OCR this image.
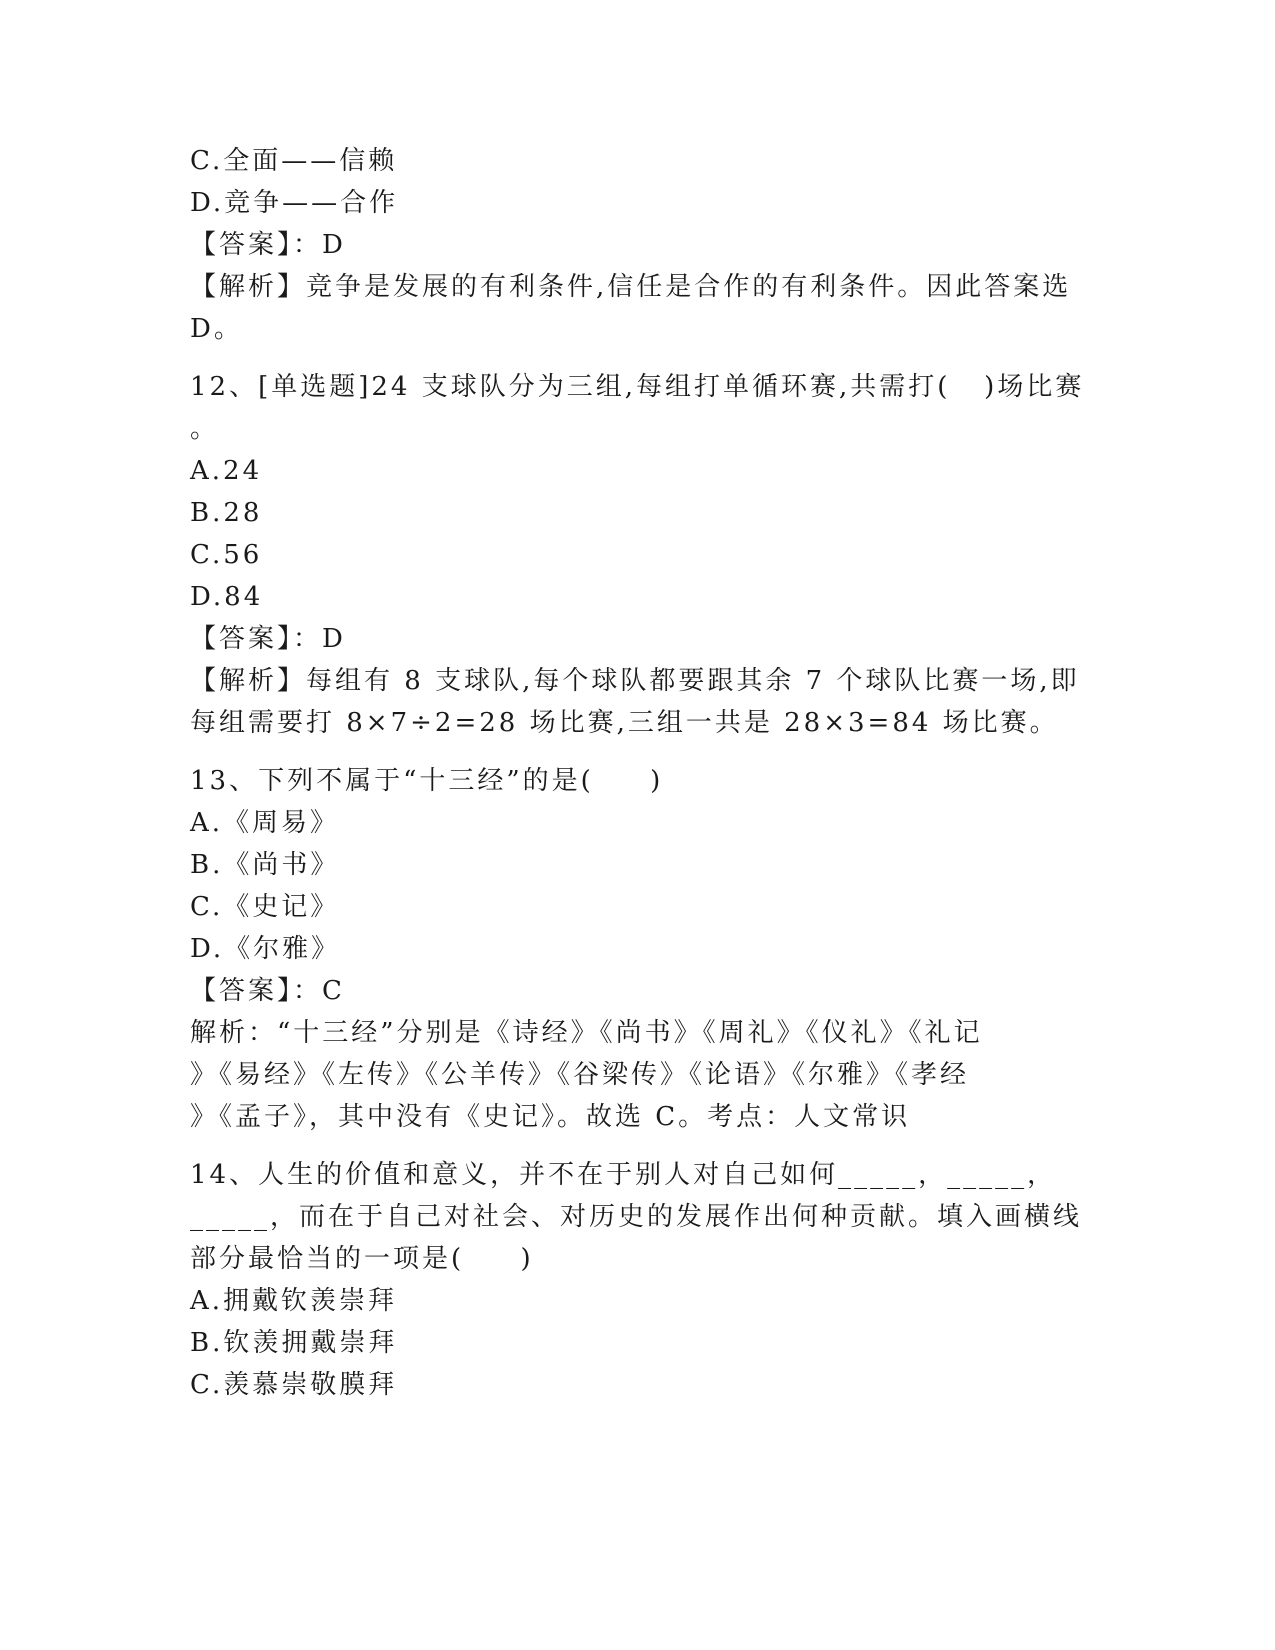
C.全面——信赖
D.竞争——合作
【答案】：D
【解析】竞争是发展的有利条件,信任是合作的有利条件。因此答案选
D。
12、[单选题]24 支球队分为三组,每组打单循环赛,共需打(   )场比赛
。
A.24
B.28
C.56
D.84
【答案】：D
【解析】每组有 8 支球队,每个球队都要跟其余 7 个球队比赛一场,即
每组需要打 8×7÷2=28 场比赛,三组一共是 28×3=84 场比赛。
13、下列不属于“十三经”的是(     )
A.《周易》
B.《尚书》
C.《史记》
D.《尔雅》
【答案】：C
解析：“十三经”分别是《诗经》《尚书》《周礼》《仪礼》《礼记
》《易经》《左传》《公羊传》《谷梁传》《论语》《尔雅》《孝经
》《孟子》，其中没有《史记》。故选 C。考点：人文常识
14、人生的价值和意义，并不在于别人对自己如何_____，_____，
_____，而在于自己对社会、对历史的发展作出何种贡献。填入画横线
部分最恰当的一项是(     )
A.拥戴钦羡崇拜
B.钦羡拥戴崇拜
C.羡慕崇敬膜拜
